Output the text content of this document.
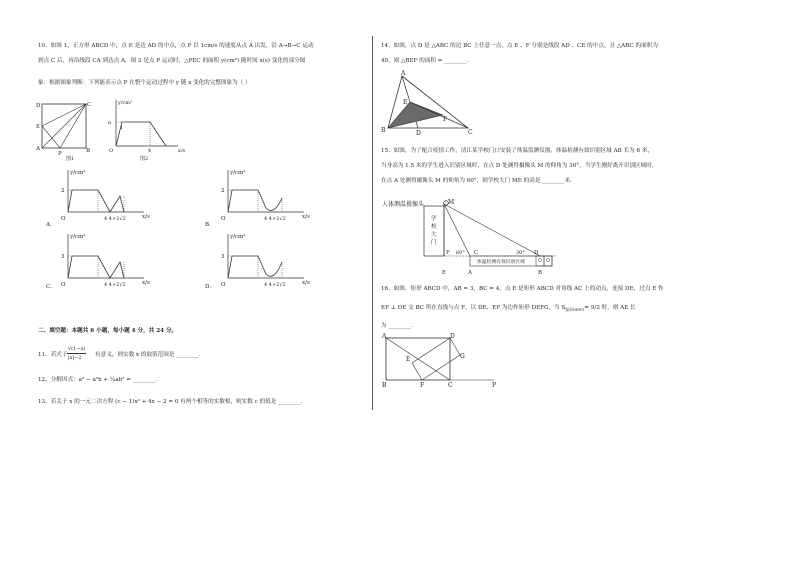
10、如图 1，正方形 ABCD 中，点 E 是边 AD 的中点，点 P 以 1cm/s 的速度从点 A 出发，沿 A→B→C 运动
到点 C 后，再沿线段 CA 到达点 A，图 2 是点 P 运动时，△PEC 的面积 y(cm²) 随时间 x(s) 变化的部分图
象．根据图象判断：下列能表示点 P 在整个运动过程中 y 随 x 变化的完整图象为（ ）
D	C
E
A
P	B
图1
y/cm²
x/s
n
1
O	4
图2
A．
y/cm²
2
O	4 4+2√2	x/s
B．
y/cm²
2
O	4 4+2√2	x/s
C．
y/cm²
3
O	4 4+2√2	x/s
D．
y/cm²
3
O	4 4+2√2	x/s
二、填空题：本题共 6 小题，每小题 4 分，共 24 分。
11、若式子
√(1−x)
|x|−2 有意义，则实数 x 的取值范围是 ________．
12、分解因式：a³ − a²b + ¼ab² = ________．
13、若关于 x 的一元二次方程 (c − 1)x² + 4x − 2 = 0 有两个相等的实数根，则实数 c 的值是 ________．
14、如图，点 D 是 △ABC 的边 BC 上任意一点，点 E 、F 分别是线段 AD 、CE 的中点，且 △ABC 的面积为
40，则 △BEF 的面积 = ________．
A
E
F
B	D	C
15、如图，为了配合疫情工作，清江某学校门口安装了体温监测仪器，体温检测有效识别区域 AB 长为 6 米，
当身高为 1.5 米的学生进入识别区域时，在点 D 处测得摄像头 M 的仰角为 30°，当学生刚好离开识别区域时，
在点 A 处测得摄像头 M 的仰角为 60°，则学校大门 ME 的高是 ________米．
人体测温摄像头
学
校
大
门
体温检测有效识别区域
M
F 60° C	30° D
E	A	B
16、如图，矩形 ABCD 中，AB = 3，BC = 4，点 E 是矩形 ABCD 对角线 AC 上的动点，连接 DE，过点 E 作
EF ⊥ DE 交 BC 所在直线与点 F，以 DE、EF 为边作矩形 DEFG，当 $S_{矩形DEFG}= 9/2$ 时，则 AE 长
为 ________．
A	D
E	G
B	F	C	P
